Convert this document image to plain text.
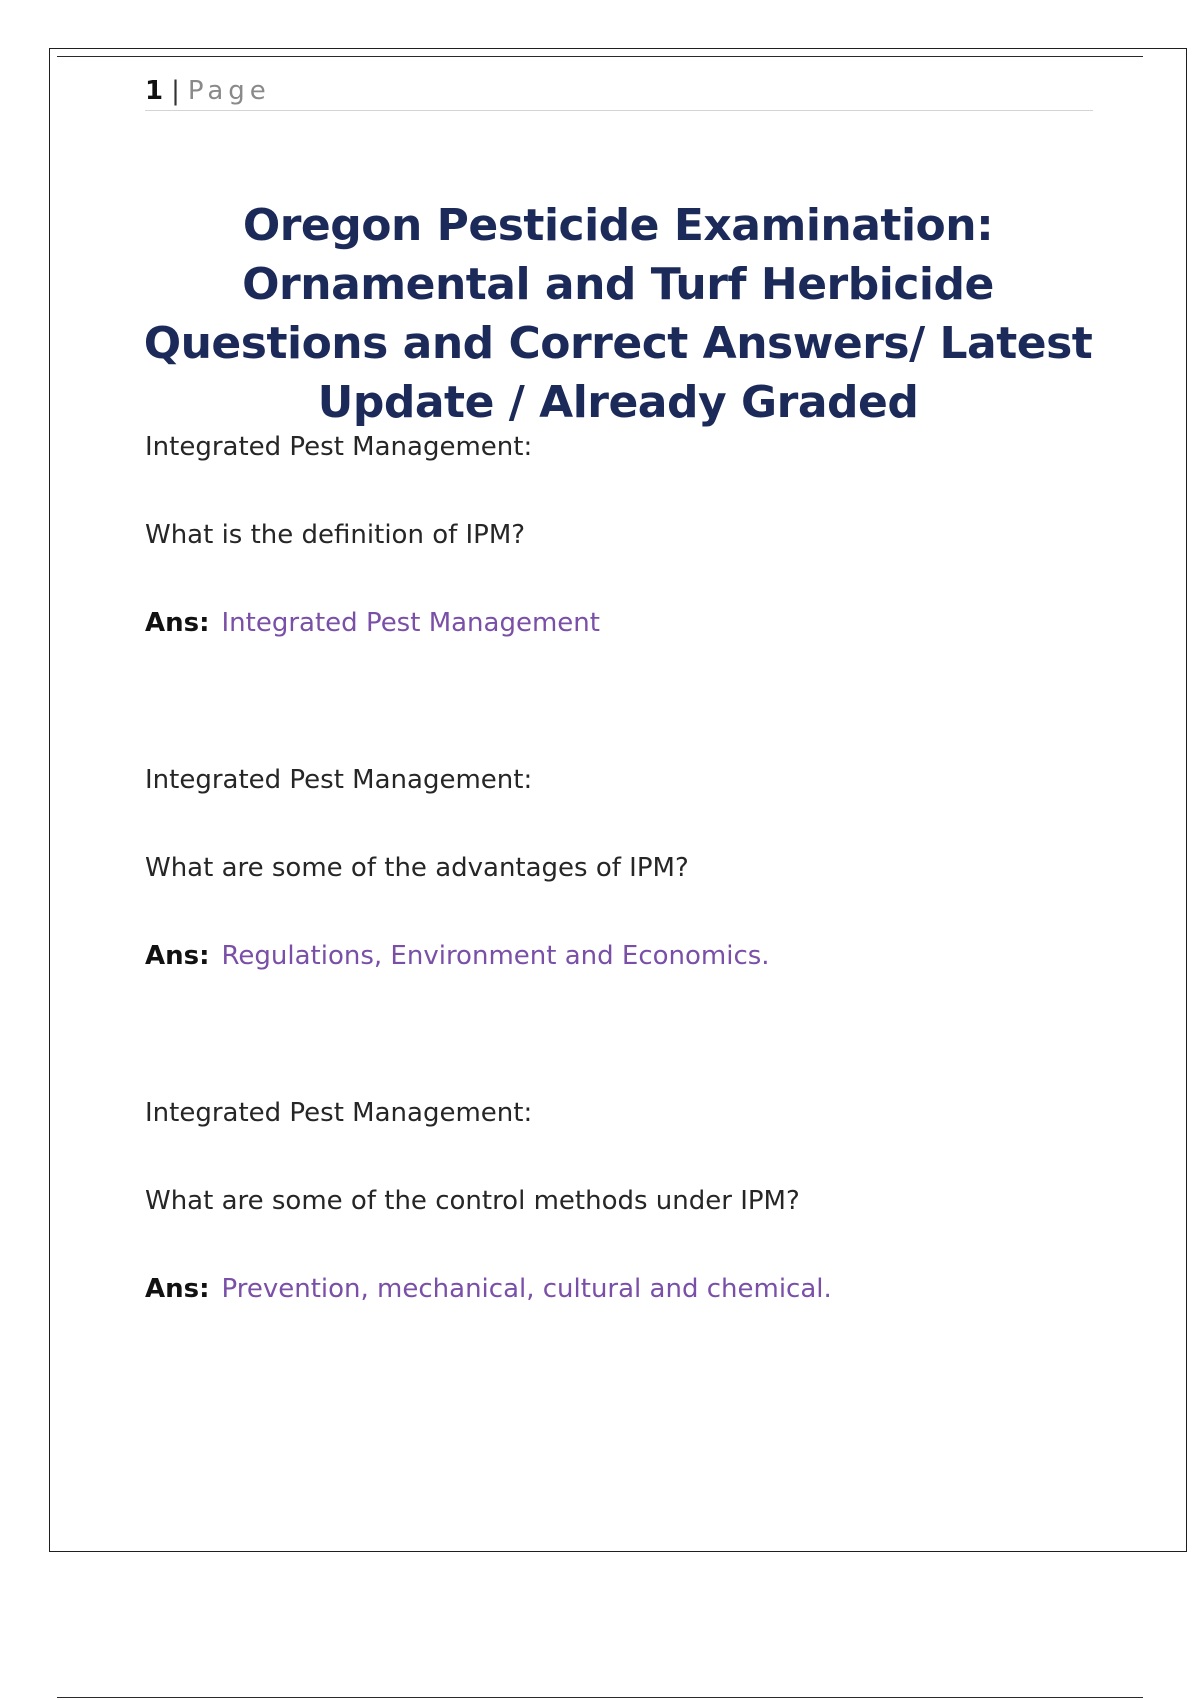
1 | Page
Oregon Pesticide Examination: Ornamental and Turf Herbicide Questions and Correct Answers/ Latest Update / Already Graded
Integrated Pest Management:
What is the definition of IPM?
Ans: Integrated Pest Management
Integrated Pest Management:
What are some of the advantages of IPM?
Ans: Regulations, Environment and Economics.
Integrated Pest Management:
What are some of the control methods under IPM?
Ans: Prevention, mechanical, cultural and chemical.
